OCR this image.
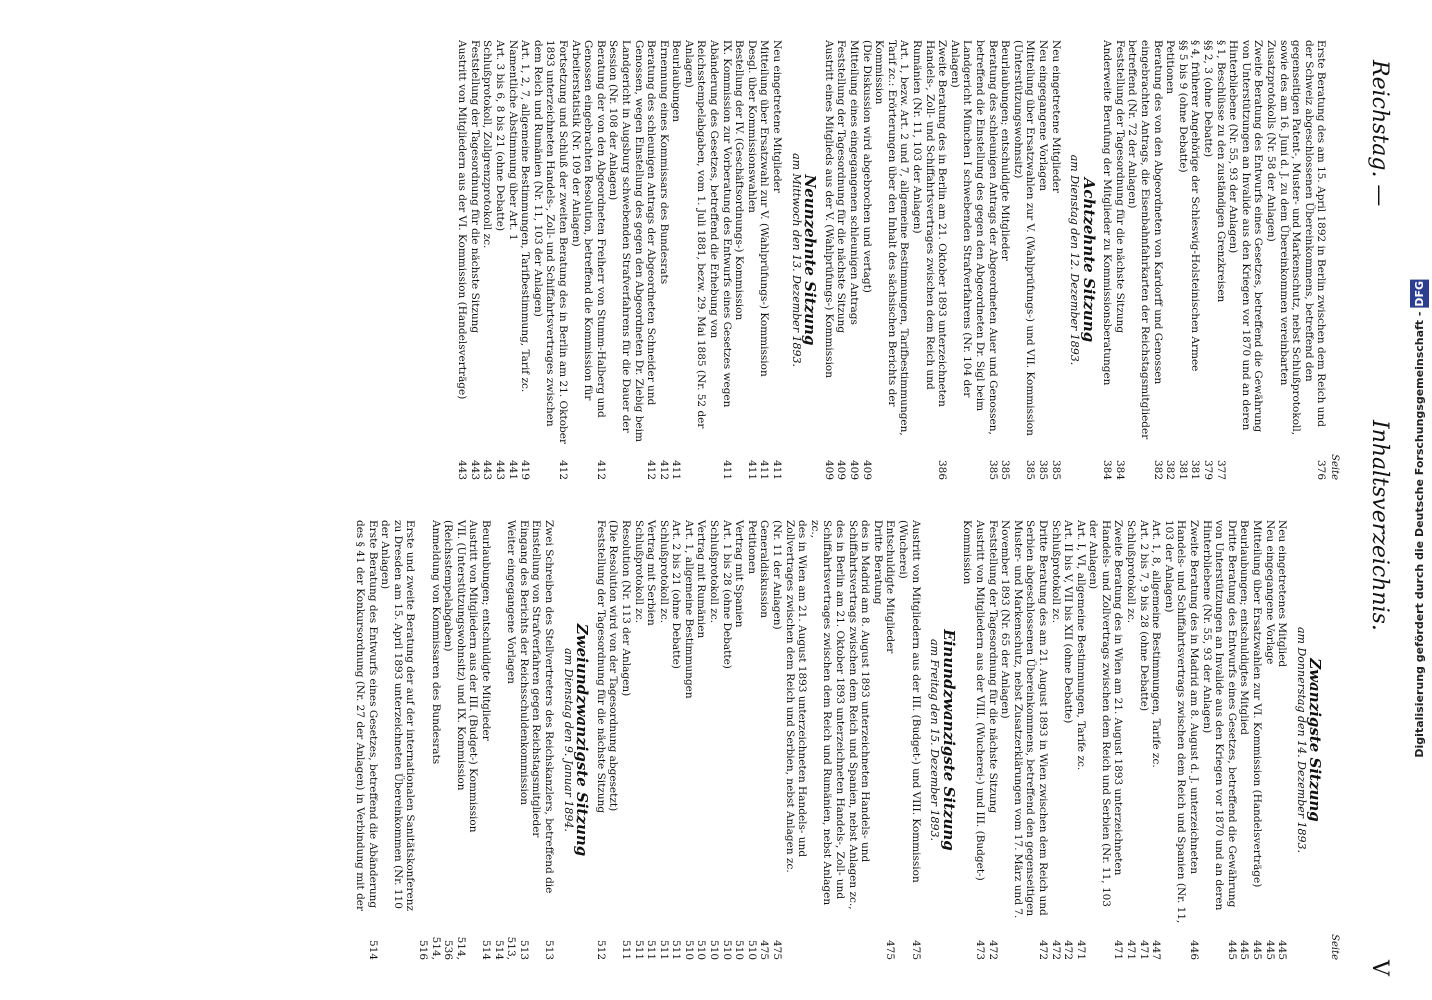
Reichstag. —
Inhaltsverzeichnis.
V
Seite
Erste Beratung des am 15. April 1892 in Berlin zwischen dem Reich und der Schweiz abgeschlossenen Übereinkommens, betreffend den gegenseitigen Patent-, Muster- und Markenschutz, nebst Schlußprotokoll, sowie des am 16. Juni d. J. zu dem Übereinkommen vereinbarten Zusatzprotokolls (Nr. 58 der Anlagen)
376
Zweite Beratung des Entwurfs eines Gesetzes, betreffend die Gewährung von Unterstützungen an Invalide aus den Kriegen vor 1870 und an deren Hinterbliebene (Nr. 55, 93 der Anlagen)
§ 1, Beschlüsse zu den zuständigen Grenzkreisen
377
§§ 2, 3 (ohne Debatte)
379
§ 4, früherer Angehörige der Schleswig-Holsteinischen Armee
381
§§ 5 bis 9 (ohne Debatte)
381
Petitionen
382
Beratung des von den Abgeordneten von Kardorff und Genossen eingebrachten Antrags, die Eisenbahnfahrkarten der Reichstagsmitglieder betreffend (Nr. 72 der Anlagen)
382
Feststellung der Tagesordnung für die nächste Sitzung
384
Anderweite Berufung der Mitglieder zu Kommissionsberatungen
384
Achtzehnte Sitzung
am Dienstag den 12. Dezember 1893.
Neu eingetretene Mitglieder
385
Neu eingegangene Vorlagen
385
Mitteilung über Ersatzwahlen zur V. (Wahlprüfungs-) und VII. Kommission (Unterstützungswohnsitz)
385
Beurlaubungen; entschuldigte Mitglieder
385
Beratung des schleunigen Antrags der Abgeordneten Auer und Genossen, betreffend die Einstellung des gegen den Abgeordneten Dr. Sigl beim Landgericht München I schwebenden Strafverfahrens (Nr. 104 der Anlagen)
385
Zweite Beratung des in Berlin am 21. Oktober 1893 unterzeichneten Handels-, Zoll- und Schiffahrtsvertrages zwischen dem Reich und Rumänien (Nr. 11, 103 der Anlagen)
386
Art. 1, bezw. Art. 2 und 7, allgemeine Bestimmungen, Tarifbestimmungen, Tarif zc.: Erörterungen über den Inhalt des sächsischen Berichts der Kommission
(Die Diskussion wird abgebrochen und vertagt)
409
Mitteilung eines eingegangenen schleunigen Antrags
409
Feststellung der Tagesordnung für die nächste Sitzung
409
Austritt eines Mitglieds aus der V. (Wahlprüfungs-) Kommission
409
Neunzehnte Sitzung
am Mittwoch den 13. Dezember 1893.
Neu eingetretene Mitglieder
411
Mitteilung über Ersatzwahl zur V. (Wahlprüfungs-) Kommission
411
Desgl. über Kommissionswahlen
411
Bestellung der IV. (Geschäftsordnungs-) Kommission
IX. Kommission zur Vorberatung des Entwurfs eines Gesetzes wegen Abänderung des Gesetzes, betreffend die Erhebung von Reichsstempelabgaben, vom 1. Juli 1881, bezw. 29. Mai 1885 (Nr. 52 der Anlagen)
411
Beurlaubungen
411
Ernennung eines Kommissars des Bundesrats
412
Beratung des schleunigen Antrags der Abgeordneten Schneider und Genossen, wegen Einstellung des gegen den Abgeordneten Dr. Ziebig beim Landgericht in Augsburg schwebenden Strafverfahrens für die Dauer der Session (Nr. 108 der Anlagen)
412
Beratung der von den Abgeordneten Freiherr von Stumm-Halberg und Genossen eingebrachten Resolution, betreffend die Kommission für Arbeiterstatistik (Nr. 109 der Anlagen)
412
Fortsetzung und Schluß der zweiten Beratung des in Berlin am 21. Oktober 1893 unterzeichneten Handels-, Zoll- und Schiffahrtsvertrages zwischen dem Reich und Rumänien (Nr. 11, 103 der Anlagen)
412
Art. 1, 2, 7, allgemeine Bestimmungen, Tarifbestimmung, Tarif zc.
419
Namentliche Abstimmung über Art. 1
441
Art. 3 bis 6, 8 bis 21 (ohne Debatte)
443
Schlußprotokoll, Zollgrenzprotokoll zc.
443
Feststellung der Tagesordnung für die nächste Sitzung
443
Austritt von Mitgliedern aus der VI. Kommission (Handelsverträge)
443
Seite
Zwanzigste Sitzung
am Donnerstag den 14. Dezember 1893.
Neu eingetretenes Mitglied
445
Neu eingegangene Vorlage
445
Mitteilung über Ersatzwahlen zur VI. Kommission (Handelsverträge)
445
Beurlaubungen; entschuldigtes Mitglied
445
Dritte Beratung des Entwurfs eines Gesetzes, betreffend die Gewährung von Unterstützungen an Invalide aus den Kriegen vor 1870 und an deren Hinterbliebene (Nr. 55, 93 der Anlagen)
445
Zweite Beratung des in Madrid am 8. August d. J. unterzeichneten Handels- und Schiffahrtsvertrags zwischen dem Reich und Spanien (Nr. 11, 103 der Anlagen)
446
Art. 1, 8, allgemeine Bestimmungen, Tarife zc.
447
Art. 2 bis 7, 9 bis 28 (ohne Debatte)
471
Schlußprotokoll zc.
471
Zweite Beratung des in Wien am 21. August 1893 unterzeichneten Handels- und Zollvertrags zwischen dem Reich und Serbien (Nr. 11, 103 der Anlagen)
471
Art. I, VI, allgemeine Bestimmungen, Tarife zc.
471
Art. II bis V, VII bis XII (ohne Debatte)
472
Schlußprotokoll zc.
472
Dritte Beratung des am 21. August 1893 in Wien zwischen dem Reich und Serbien abgeschlossenen Übereinkommens, betreffend den gegenseitigen Muster- und Markenschutz, nebst Zusatzerklärungen vom 17. März und 7. November 1893 (Nr. 65 der Anlagen)
472
Feststellung der Tagesordnung für die nächste Sitzung
472
Austritt von Mitgliedern aus der VIII. (Wucherei-) und III. (Budget-) Kommission
473
Einundzwanzigste Sitzung
am Freitag den 15. Dezember 1893.
Austritt von Mitgliedern aus der III. (Budget-) und VIII. Kommission (Wucherei)
475
Entschuldigte Mitglieder
475
Dritte Beratung
des in Madrid am 8. August 1893 unterzeichneten Handels- und Schiffahrtsvertrags zwischen dem Reich und Spanien, nebst Anlagen zc.,
des in Berlin am 21. Oktober 1893 unterzeichneten Handels-, Zoll- und Schiffahrtsvertrages zwischen dem Reich und Rumänien, nebst Anlagen zc.,
des in Wien am 21. August 1893 unterzeichneten Handels- und Zollvertrages zwischen dem Reich und Serbien, nebst Anlagen zc.
(Nr. 11 der Anlagen)
475
Generaldiskussion
475
Petitionen
510
Vertrag mit Spanien
510
Art. 1 bis 28 (ohne Debatte)
510
Schlußprotokoll zc.
510
Vertrag mit Rumänien
510
Art. 1, allgemeine Bestimmungen
510
Art. 2 bis 21 (ohne Debatte)
511
Schlußprotokoll zc.
511
Vertrag mit Serbien
511
Schlußprotokoll zc.
511
Resolution (Nr. 113 der Anlagen)
511
(Die Resolution wird von der Tagesordnung abgesetzt)
Feststellung der Tagesordnung für die nächste Sitzung
512
Zweiundzwanzigste Sitzung
am Dienstag den 9. Januar 1894.
Zwei Schreiben des Stellvertreters des Reichskanzlers, betreffend die Einstellung von Strafverfahren gegen Reichstagsmitglieder
513
Eingang des Berichts der Reichsschuldenkommission
513
Weiter eingegangene Vorlagen
513, 514
Beurlaubungen; entschuldigte Mitglieder
514
Austritt von Mitgliedern aus der III. (Budget-) Kommission
VII. (Unterstützungswohnsitz) und IX. Kommission (Reichsstempelabgaben)
514, 536
Anmeldung von Kommissaren des Bundesrats
514, 516
Erste und zweite Beratung der auf der internationalen Sanitätskonferenz zu Dresden am 15. April 1893 unterzeichneten Übereinkommen (Nr. 110 der Anlagen)
Erste Beratung des Entwurfs eines Gesetzes, betreffend die Abänderung des § 41 der Konkursordnung (Nr. 27 der Anlagen) in Verbindung mit der
514
Digitalisierung gefördert durch die Deutsche Forschungsgemeinschaft - DFG
